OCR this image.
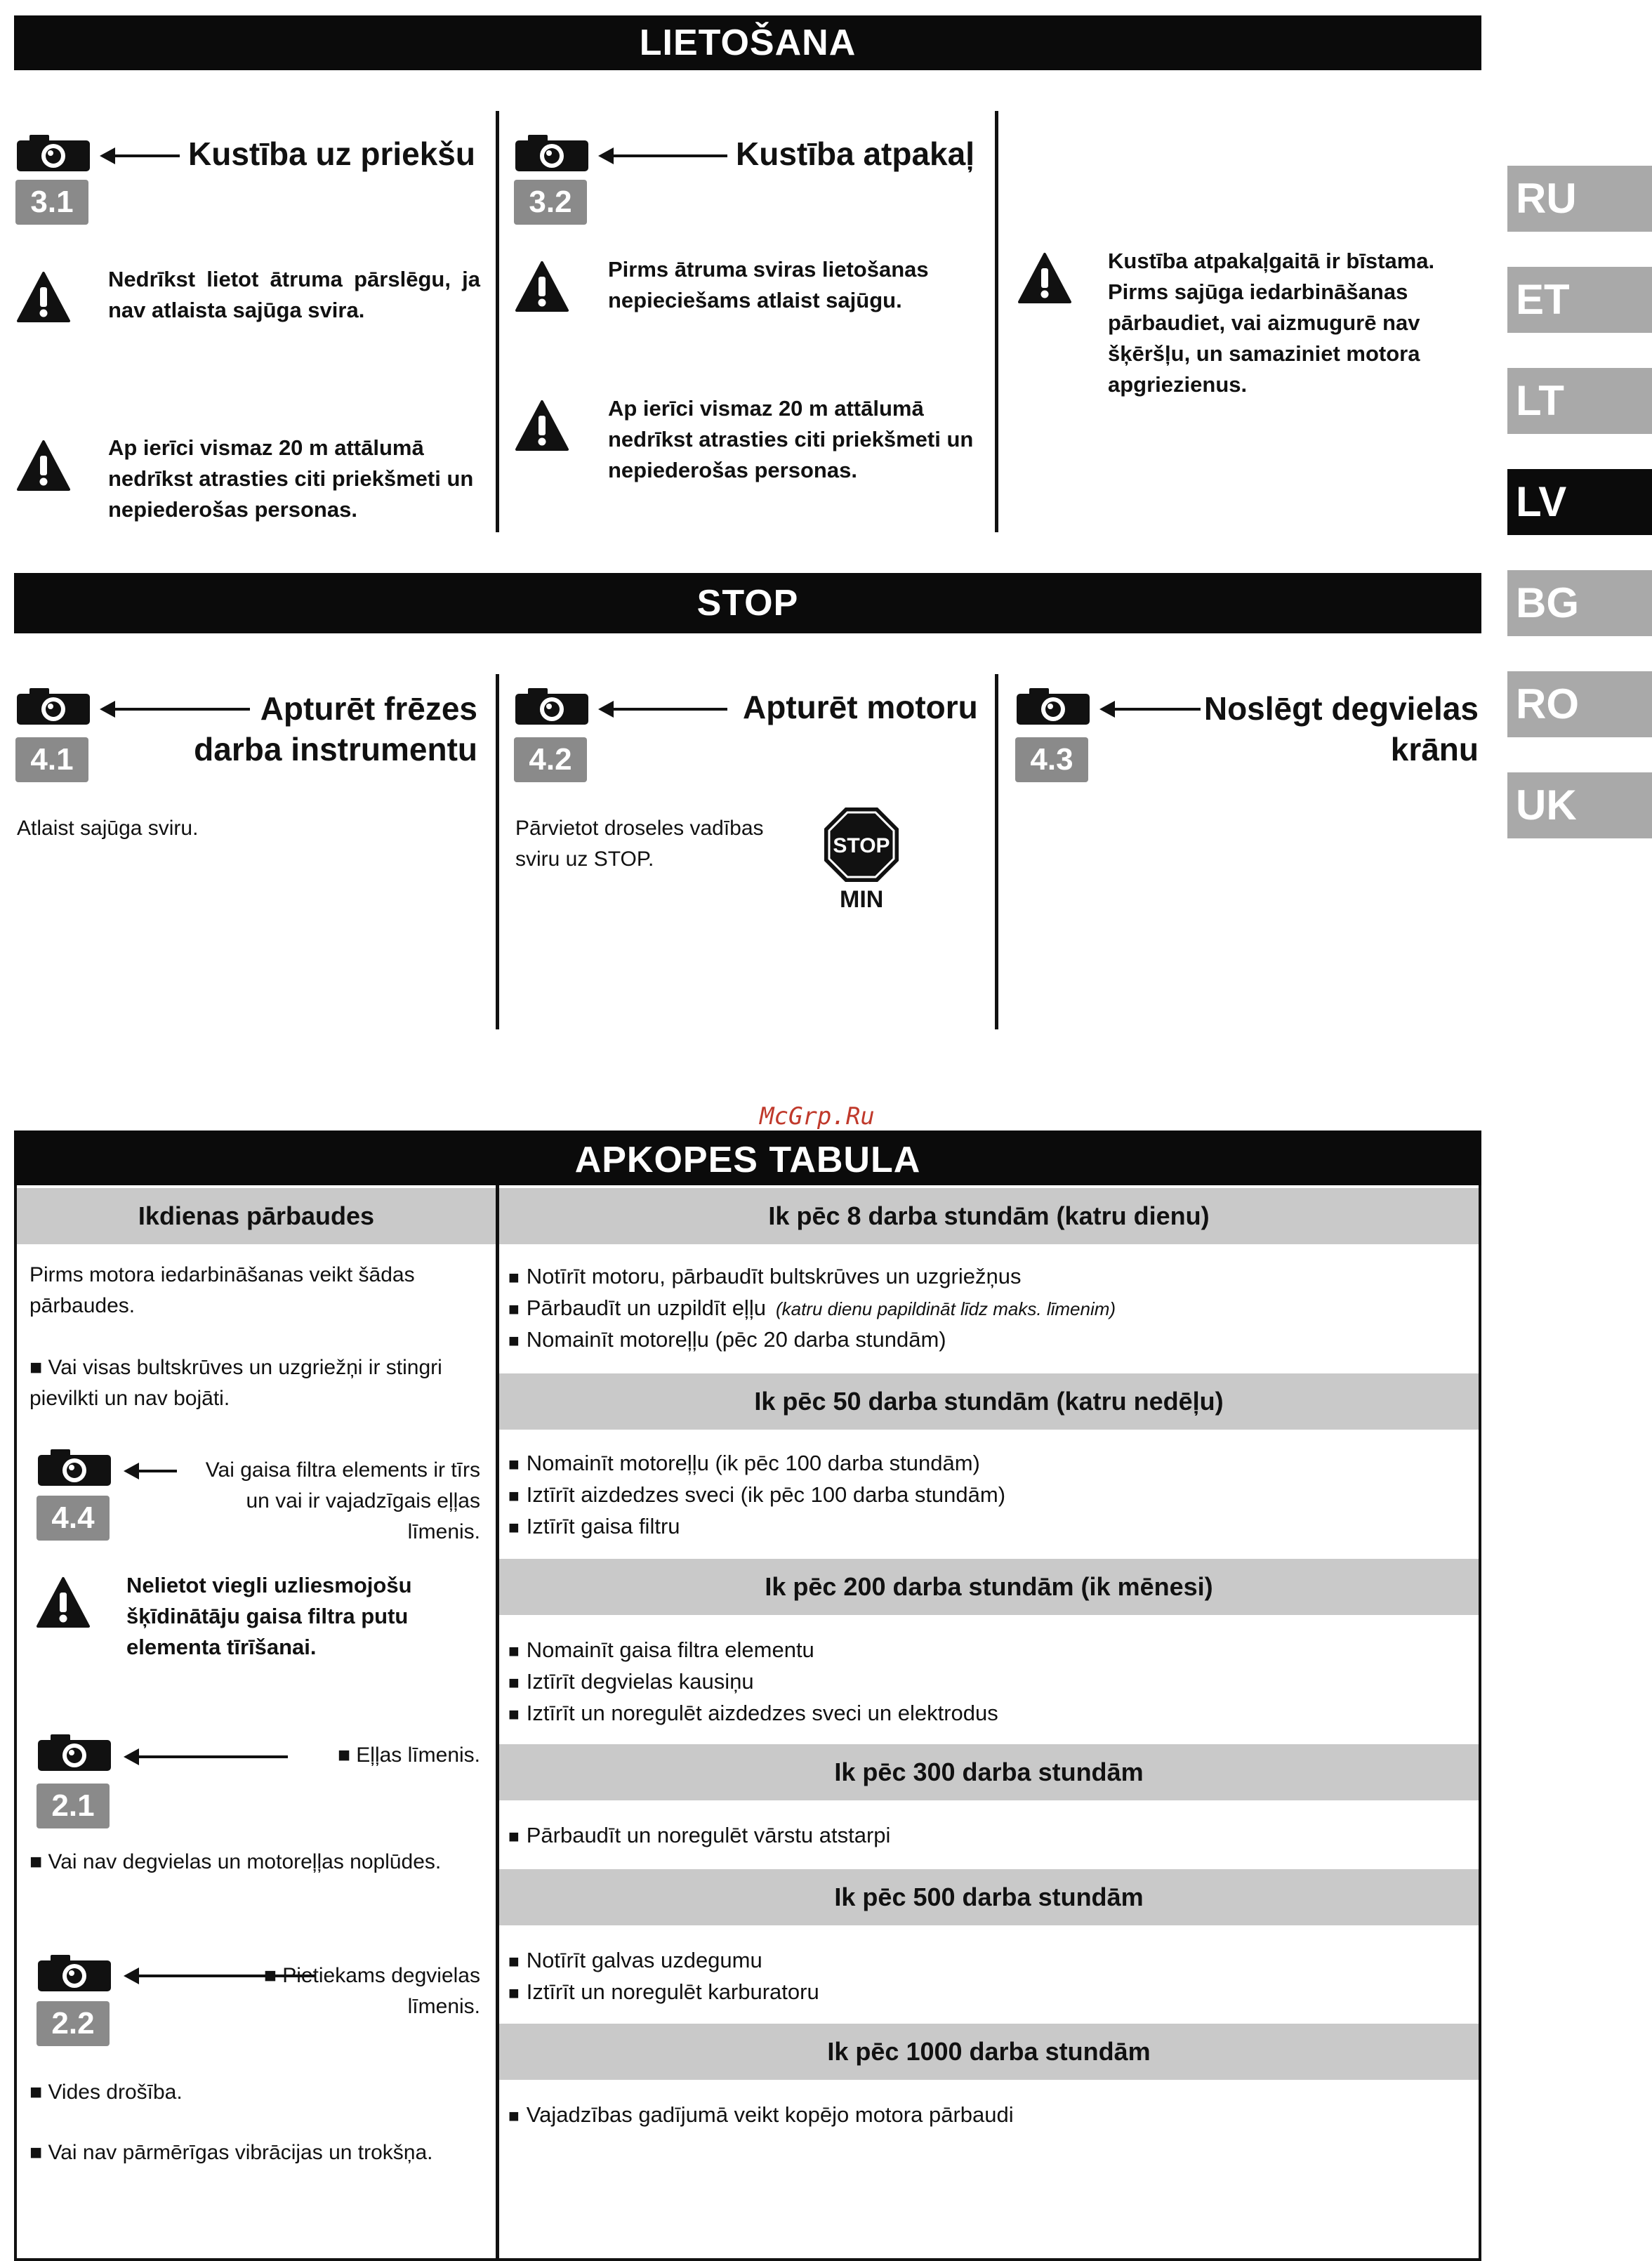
RU
ET
LT
LV
BG
RO
UK
LIETOŠANA
3.1
Kustība uz priekšu
Nedrīkst lietot ātruma pārslēgu, ja nav atlaista sajūga svira.
Ap ierīci vismaz 20 m attālumā nedrīkst atrasties citi priekšmeti un nepiederošas personas.
3.2
Kustība atpakaļ
Pirms ātruma sviras lietošanas nepieciešams atlaist sajūgu.
Ap ierīci vismaz 20 m attālumā nedrīkst atrasties citi priekšmeti un nepiederošas personas.
Kustība atpakaļgaitā ir bīstama. Pirms sajūga iedarbināšanas pārbaudiet, vai aizmugurē nav šķēršļu, un samaziniet motora apgriezienus.
STOP
4.1
Apturēt frēzes darba instrumentu
Atlaist sajūga sviru.
4.2
Apturēt motoru
Pārvietot droseles vadības sviru uz STOP.
STOP
MIN
4.3
Noslēgt degvielas krānu
McGrp.Ru
APKOPES TABULA
Ikdienas pārbaudes
Pirms motora iedarbināšanas veikt šādas pārbaudes.
■ Vai visas bultskrūves un uzgriežņi ir stingri pievilkti un nav bojāti.
4.4
Vai gaisa filtra elements ir tīrs un vai ir vajadzīgais eļļas līmenis.
Nelietot viegli uzliesmojošu šķīdinātāju gaisa filtra putu elementa tīrīšanai.
2.1
■ Eļļas līmenis.
■ Vai nav degvielas un motoreļļas noplūdes.
2.2
■ Pietiekams degvielas līmenis.
■ Vides drošība.
■ Vai nav pārmērīgas vibrācijas un trokšņa.
Ik pēc 8 darba stundām (katru dienu)
■ Notīrīt motoru, pārbaudīt bultskrūves un uzgriežņus
■ Pārbaudīt un uzpildīt eļļu (katru dienu papildināt līdz maks. līmenim)
■ Nomainīt motoreļļu (pēc 20 darba stundām)
Ik pēc 50 darba stundām (katru nedēļu)
■ Nomainīt motoreļļu (ik pēc 100 darba stundām)
■ Iztīrīt aizdedzes sveci (ik pēc 100 darba stundām)
■ Iztīrīt gaisa filtru
Ik pēc 200 darba stundām (ik mēnesi)
■ Nomainīt gaisa filtra elementu
■ Iztīrīt degvielas kausiņu
■ Iztīrīt un noregulēt aizdedzes sveci un elektrodus
Ik pēc 300 darba stundām
■ Pārbaudīt un noregulēt vārstu atstarpi
Ik pēc 500 darba stundām
■ Notīrīt galvas uzdegumu
■ Iztīrīt un noregulēt karburatoru
Ik pēc 1000 darba stundām
■ Vajadzības gadījumā veikt kopējo motora pārbaudi
